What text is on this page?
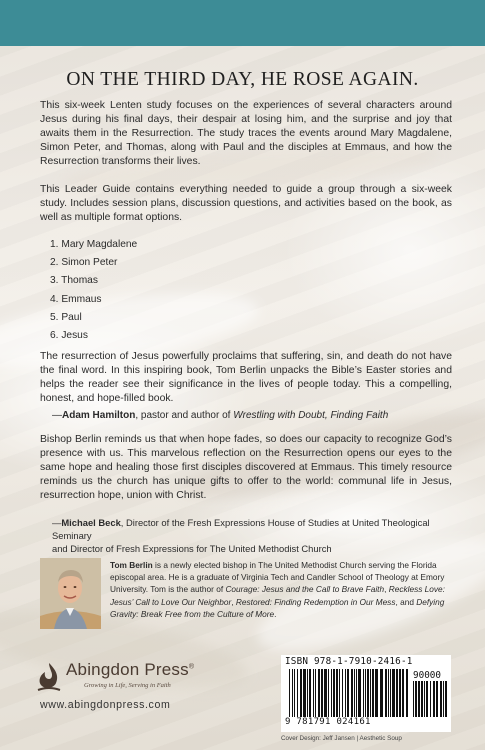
ON THE THIRD DAY, HE ROSE AGAIN.
This six-week Lenten study focuses on the experiences of several characters around Jesus during his final days, their despair at losing him, and the surprise and joy that awaits them in the Resurrection. The study traces the events around Mary Magdalene, Simon Peter, and Thomas, along with Paul and the disciples at Emmaus, and how the Resurrection transforms their lives.
This Leader Guide contains everything needed to guide a group through a six-week study. Includes session plans, discussion questions, and activities based on the book, as well as multiple format options.
1. Mary Magdalene
2. Simon Peter
3. Thomas
4. Emmaus
5. Paul
6. Jesus
The resurrection of Jesus powerfully proclaims that suffering, sin, and death do not have the final word. In this inspiring book, Tom Berlin unpacks the Bible’s Easter stories and helps the reader see their significance in the lives of people today. This a compelling, honest, and hope-filled book.
—Adam Hamilton, pastor and author of Wrestling with Doubt, Finding Faith
Bishop Berlin reminds us that when hope fades, so does our capacity to recognize God’s presence with us. This marvelous reflection on the Resurrection opens our eyes to the same hope and healing those first disciples discovered at Emmaus. This timely resource reminds us the church has unique gifts to offer to the world: communal life in Jesus, resurrection hope, union with Christ.
—Michael Beck, Director of the Fresh Expressions House of Studies at United Theological Seminary
and Director of Fresh Expressions for The United Methodist Church
Tom Berlin is a newly elected bishop in The United Methodist Church serving the Florida episcopal area. He is a graduate of Virginia Tech and Candler School of Theology at Emory University. Tom is the author of Courage: Jesus and the Call to Brave Faith, Reckless Love: Jesus’ Call to Love Our Neighbor, Restored: Finding Redemption in Our Mess, and Defying Gravity: Break Free from the Culture of More.
Abingdon Press®
Growing in Life, Serving in Faith
www.abingdonpress.com
ISBN 978-1-7910-2416-1
90000
9 781791 024161
Cover Design: Jeff Jansen | Aesthetic Soup
